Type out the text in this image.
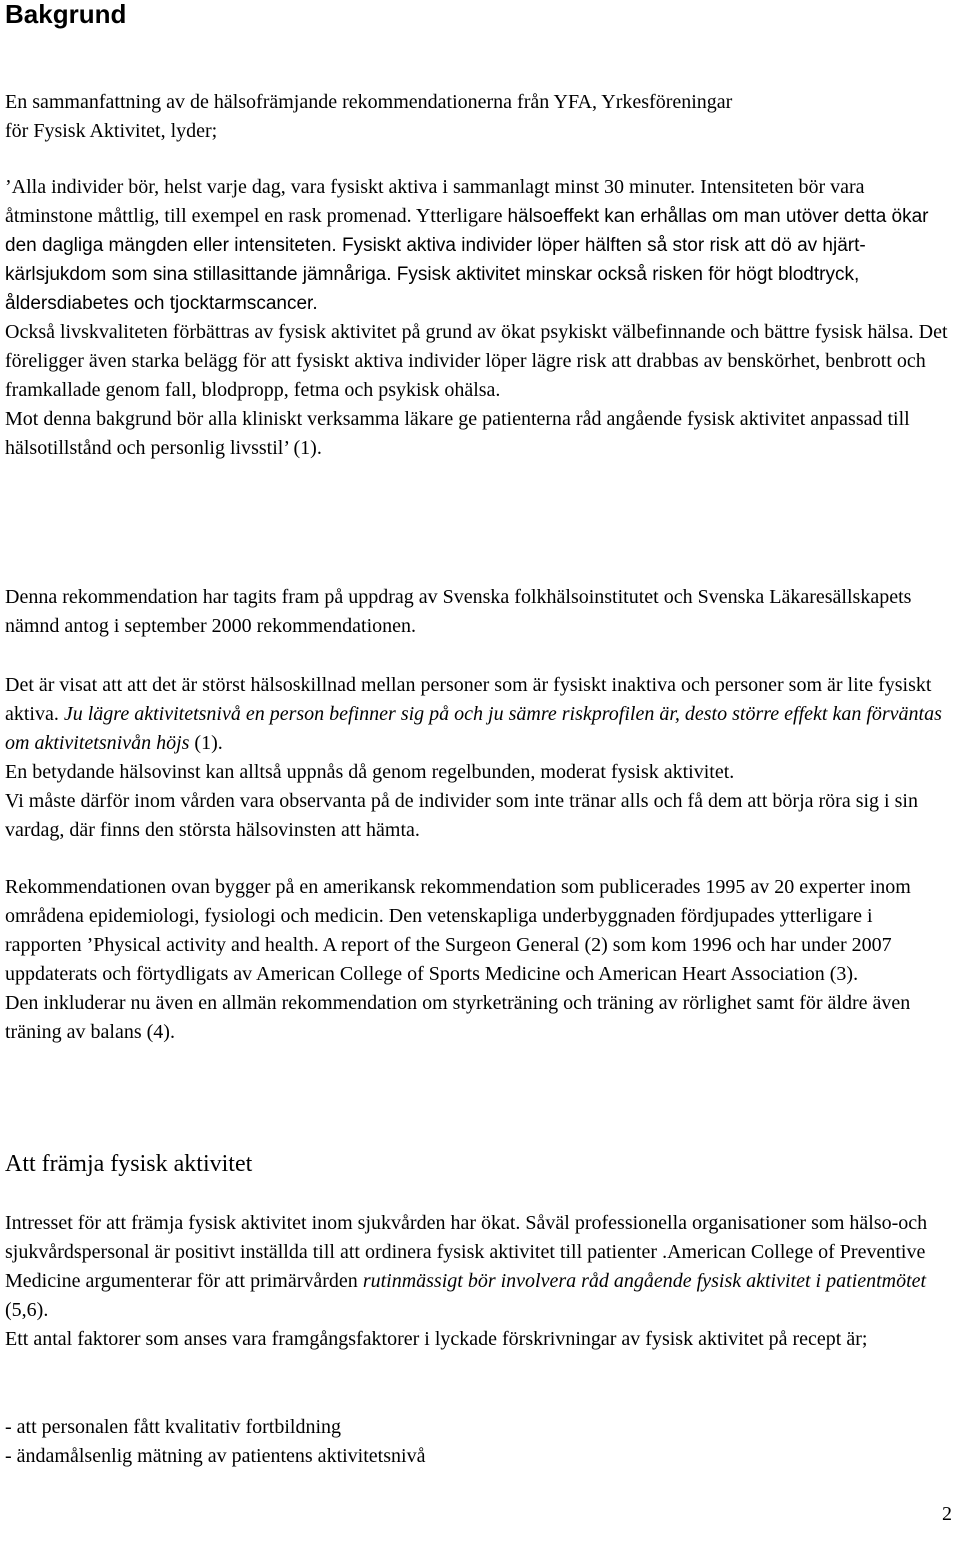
Bakgrund

En sammanfattning av de hälsofrämjande rekommendationerna från YFA, Yrkesföreningar

för Fysisk Aktivitet, lyder;

’Alla individer bör, helst varje dag, vara fysiskt aktiva i sammanlagt minst 30 minuter. Intensiteten bör vara åtminstone måttlig, till exempel en rask promenad. Ytterligare hälsoeffekt kan erhållas om man utöver detta ökar den dagliga mängden eller intensiteten. Fysiskt aktiva individer löper hälften så stor risk att dö av hjärt-kärlsjukdom som sina stillasittande jämnåriga. Fysisk aktivitet minskar också risken för högt blodtryck, åldersdiabetes och tjocktarmscancer.

Också livskvaliteten förbättras av fysisk aktivitet på grund av ökat psykiskt välbefinnande och bättre fysisk hälsa. Det föreligger även starka belägg för att fysiskt aktiva individer löper lägre risk att drabbas av benskörhet, benbrott och framkallade genom fall, blodpropp, fetma och psykisk ohälsa.

Mot denna bakgrund bör alla kliniskt verksamma läkare ge patienterna råd angående fysisk aktivitet anpassad till hälsotillstånd och personlig livsstil’ (1).

Denna rekommendation har tagits fram på uppdrag av Svenska folkhälsoinstitutet och Svenska Läkaresällskapets nämnd antog i september 2000 rekommendationen.

Det är visat att att det är störst hälsoskillnad mellan personer som är fysiskt inaktiva och personer som är lite fysiskt aktiva. Ju lägre aktivitetsnivå en person befinner sig på och ju sämre riskprofilen är, desto större effekt kan förväntas om aktivitetsnivån höjs (1).

En betydande hälsovinst kan alltså uppnås då genom regelbunden, moderat fysisk aktivitet.

Vi måste därför inom vården vara observanta på de individer som inte tränar alls och få dem att börja röra sig i sin vardag, där finns den största hälsovinsten att hämta.

Rekommendationen ovan bygger på en amerikansk rekommendation som publicerades 1995 av 20 experter inom områdena epidemiologi, fysiologi och medicin. Den vetenskapliga underbyggnaden fördjupades ytterligare i rapporten ’Physical activity and health. A report of the Surgeon General (2) som kom 1996 och har under 2007 uppdaterats och förtydligats av American College of Sports Medicine och American Heart Association (3).

Den inkluderar nu även en allmän rekommendation om styrketräning och träning av rörlighet samt för äldre även träning av balans (4).

Att främja fysisk aktivitet

Intresset för att främja fysisk aktivitet inom sjukvården har ökat. Såväl professionella organisationer som hälso-och sjukvårdspersonal är positivt inställda till att ordinera fysisk aktivitet till patienter .American College of Preventive Medicine argumenterar för att primärvården rutinmässigt bör involvera råd angående fysisk aktivitet i patientmötet (5,6).

Ett antal faktorer som anses vara framgångsfaktorer i lyckade förskrivningar av fysisk aktivitet på recept är;

- att personalen fått kvalitativ fortbildning

- ändamålsenlig mätning av patientens aktivitetsnivå

2
